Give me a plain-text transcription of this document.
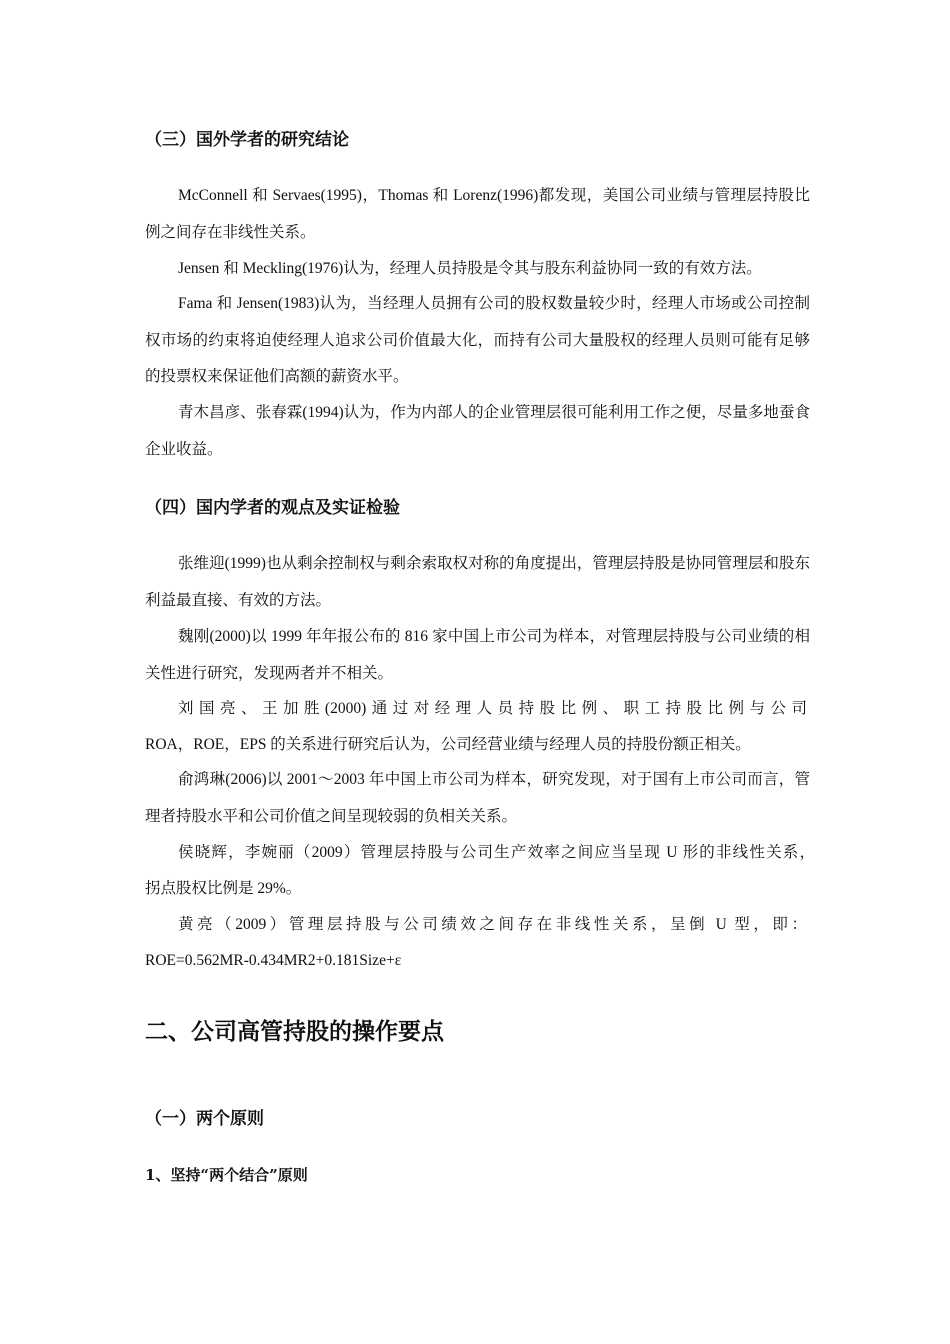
（三）国外学者的研究结论

McConnell 和 Servaes(1995)，Thomas 和 Lorenz(1996)都发现，美国公司业绩与管理层持股比例之间存在非线性关系。

Jensen 和 Meckling(1976)认为，经理人员持股是令其与股东利益协同一致的有效方法。

Fama 和 Jensen(1983)认为，当经理人员拥有公司的股权数量较少时，经理人市场或公司控制权市场的约束将迫使经理人追求公司价值最大化，而持有公司大量股权的经理人员则可能有足够的投票权来保证他们高额的薪资水平。

青木昌彦、张春霖(1994)认为，作为内部人的企业管理层很可能利用工作之便，尽量多地蚕食企业收益。

（四）国内学者的观点及实证检验

张维迎(1999)也从剩余控制权与剩余索取权对称的角度提出，管理层持股是协同管理层和股东利益最直接、有效的方法。

魏刚(2000)以 1999 年年报公布的 816 家中国上市公司为样本，对管理层持股与公司业绩的相关性进行研究，发现两者并不相关。

刘国亮、王加胜(2000)通过对经理人员持股比例、职工持股比例与公司
ROA，ROE，EPS 的关系进行研究后认为，公司经营业绩与经理人员的持股份额正相关。

俞鸿琳(2006)以 2001～2003 年中国上市公司为样本，研究发现，对于国有上市公司而言，管理者持股水平和公司价值之间呈现较弱的负相关关系。

侯晓辉，李婉丽（2009）管理层持股与公司生产效率之间应当呈现 U 形的非线性关系，
拐点股权比例是 29%。
黄亮（2009）管理层持股与公司绩效之间存在非线性关系，呈倒 U 型，即：
ROE=0.562MR-0.434MR2+0.181Size+ε
二、公司高管持股的操作要点
（一）两个原则
1、坚持“两个结合”原则
